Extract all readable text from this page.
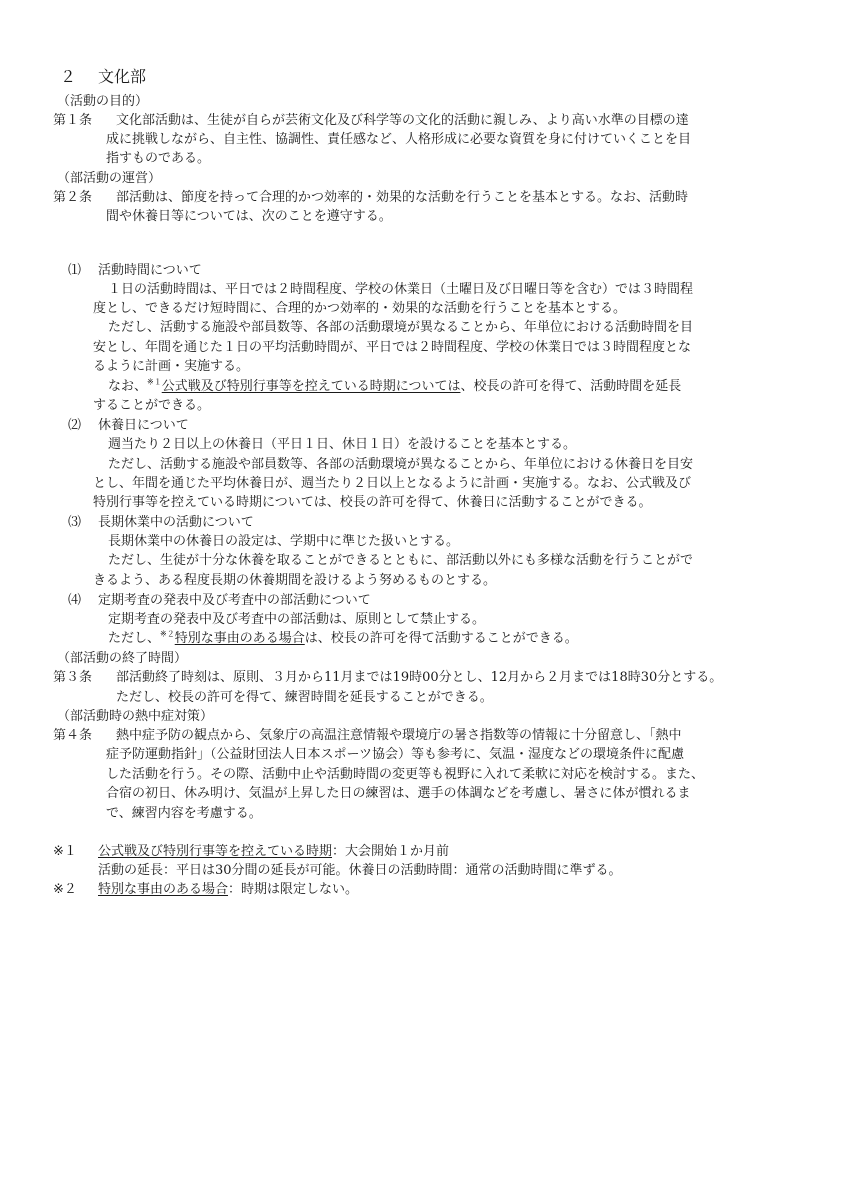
２ 文化部
（活動の目的）
第１条 文化部活動は、生徒が自らが芸術文化及び科学等の文化的活動に親しみ、より高い水準の目標の達
成に挑戦しながら、自主性、協調性、責任感など、人格形成に必要な資質を身に付けていくことを目
指すものである。
（部活動の運営）
第２条 部活動は、節度を持って合理的かつ効率的・効果的な活動を行うことを基本とする。なお、活動時
間や休養日等については、次のことを遵守する。
⑴ 活動時間について
１日の活動時間は、平日では２時間程度、学校の休業日（土曜日及び日曜日等を含む）では３時間程
度とし、できるだけ短時間に、合理的かつ効率的・効果的な活動を行うことを基本とする。
ただし、活動する施設や部員数等、各部の活動環境が異なることから、年単位における活動時間を目
安とし、年間を通じた１日の平均活動時間が、平日では２時間程度、学校の休業日では３時間程度とな
るように計画・実施する。
なお、$^{※1}$公式戦及び特別行事等を控えている時期については、校長の許可を得て、活動時間を延長
することができる。
⑵ 休養日について
週当たり２日以上の休養日（平日１日、休日１日）を設けることを基本とする。
ただし、活動する施設や部員数等、各部の活動環境が異なることから、年単位における休養日を目安
とし、年間を通じた平均休養日が、週当たり２日以上となるように計画・実施する。なお、公式戦及び
特別行事等を控えている時期については、校長の許可を得て、休養日に活動することができる。
⑶ 長期休業中の活動について
長期休業中の休養日の設定は、学期中に準じた扱いとする。
ただし、生徒が十分な休養を取ることができるとともに、部活動以外にも多様な活動を行うことがで
きるよう、ある程度長期の休養期間を設けるよう努めるものとする。
⑷ 定期考査の発表中及び考査中の部活動について
定期考査の発表中及び考査中の部活動は、原則として禁止する。
ただし、$^{※2}$特別な事由のある場合は、校長の許可を得て活動することができる。
（部活動の終了時間）
第３条 部活動終了時刻は、原則、３月から11月までは19時00分とし、12月から２月までは18時30分とする。
ただし、校長の許可を得て、練習時間を延長することができる。
（部活動時の熱中症対策）
第４条 熱中症予防の観点から、気象庁の高温注意情報や環境庁の暑さ指数等の情報に十分留意し、「熱中
症予防運動指針」（公益財団法人日本スポーツ協会）等も参考に、気温・湿度などの環境条件に配慮
した活動を行う。その際、活動中止や活動時間の変更等も視野に入れて柔軟に対応を検討する。また、
合宿の初日、休み明け、気温が上昇した日の練習は、選手の体調などを考慮し、暑さに体が慣れるま
で、練習内容を考慮する。
※１ 公式戦及び特別行事等を控えている時期：大会開始１か月前
活動の延長：平日は30分間の延長が可能。休養日の活動時間：通常の活動時間に準ずる。
※２ 特別な事由のある場合：時期は限定しない。
